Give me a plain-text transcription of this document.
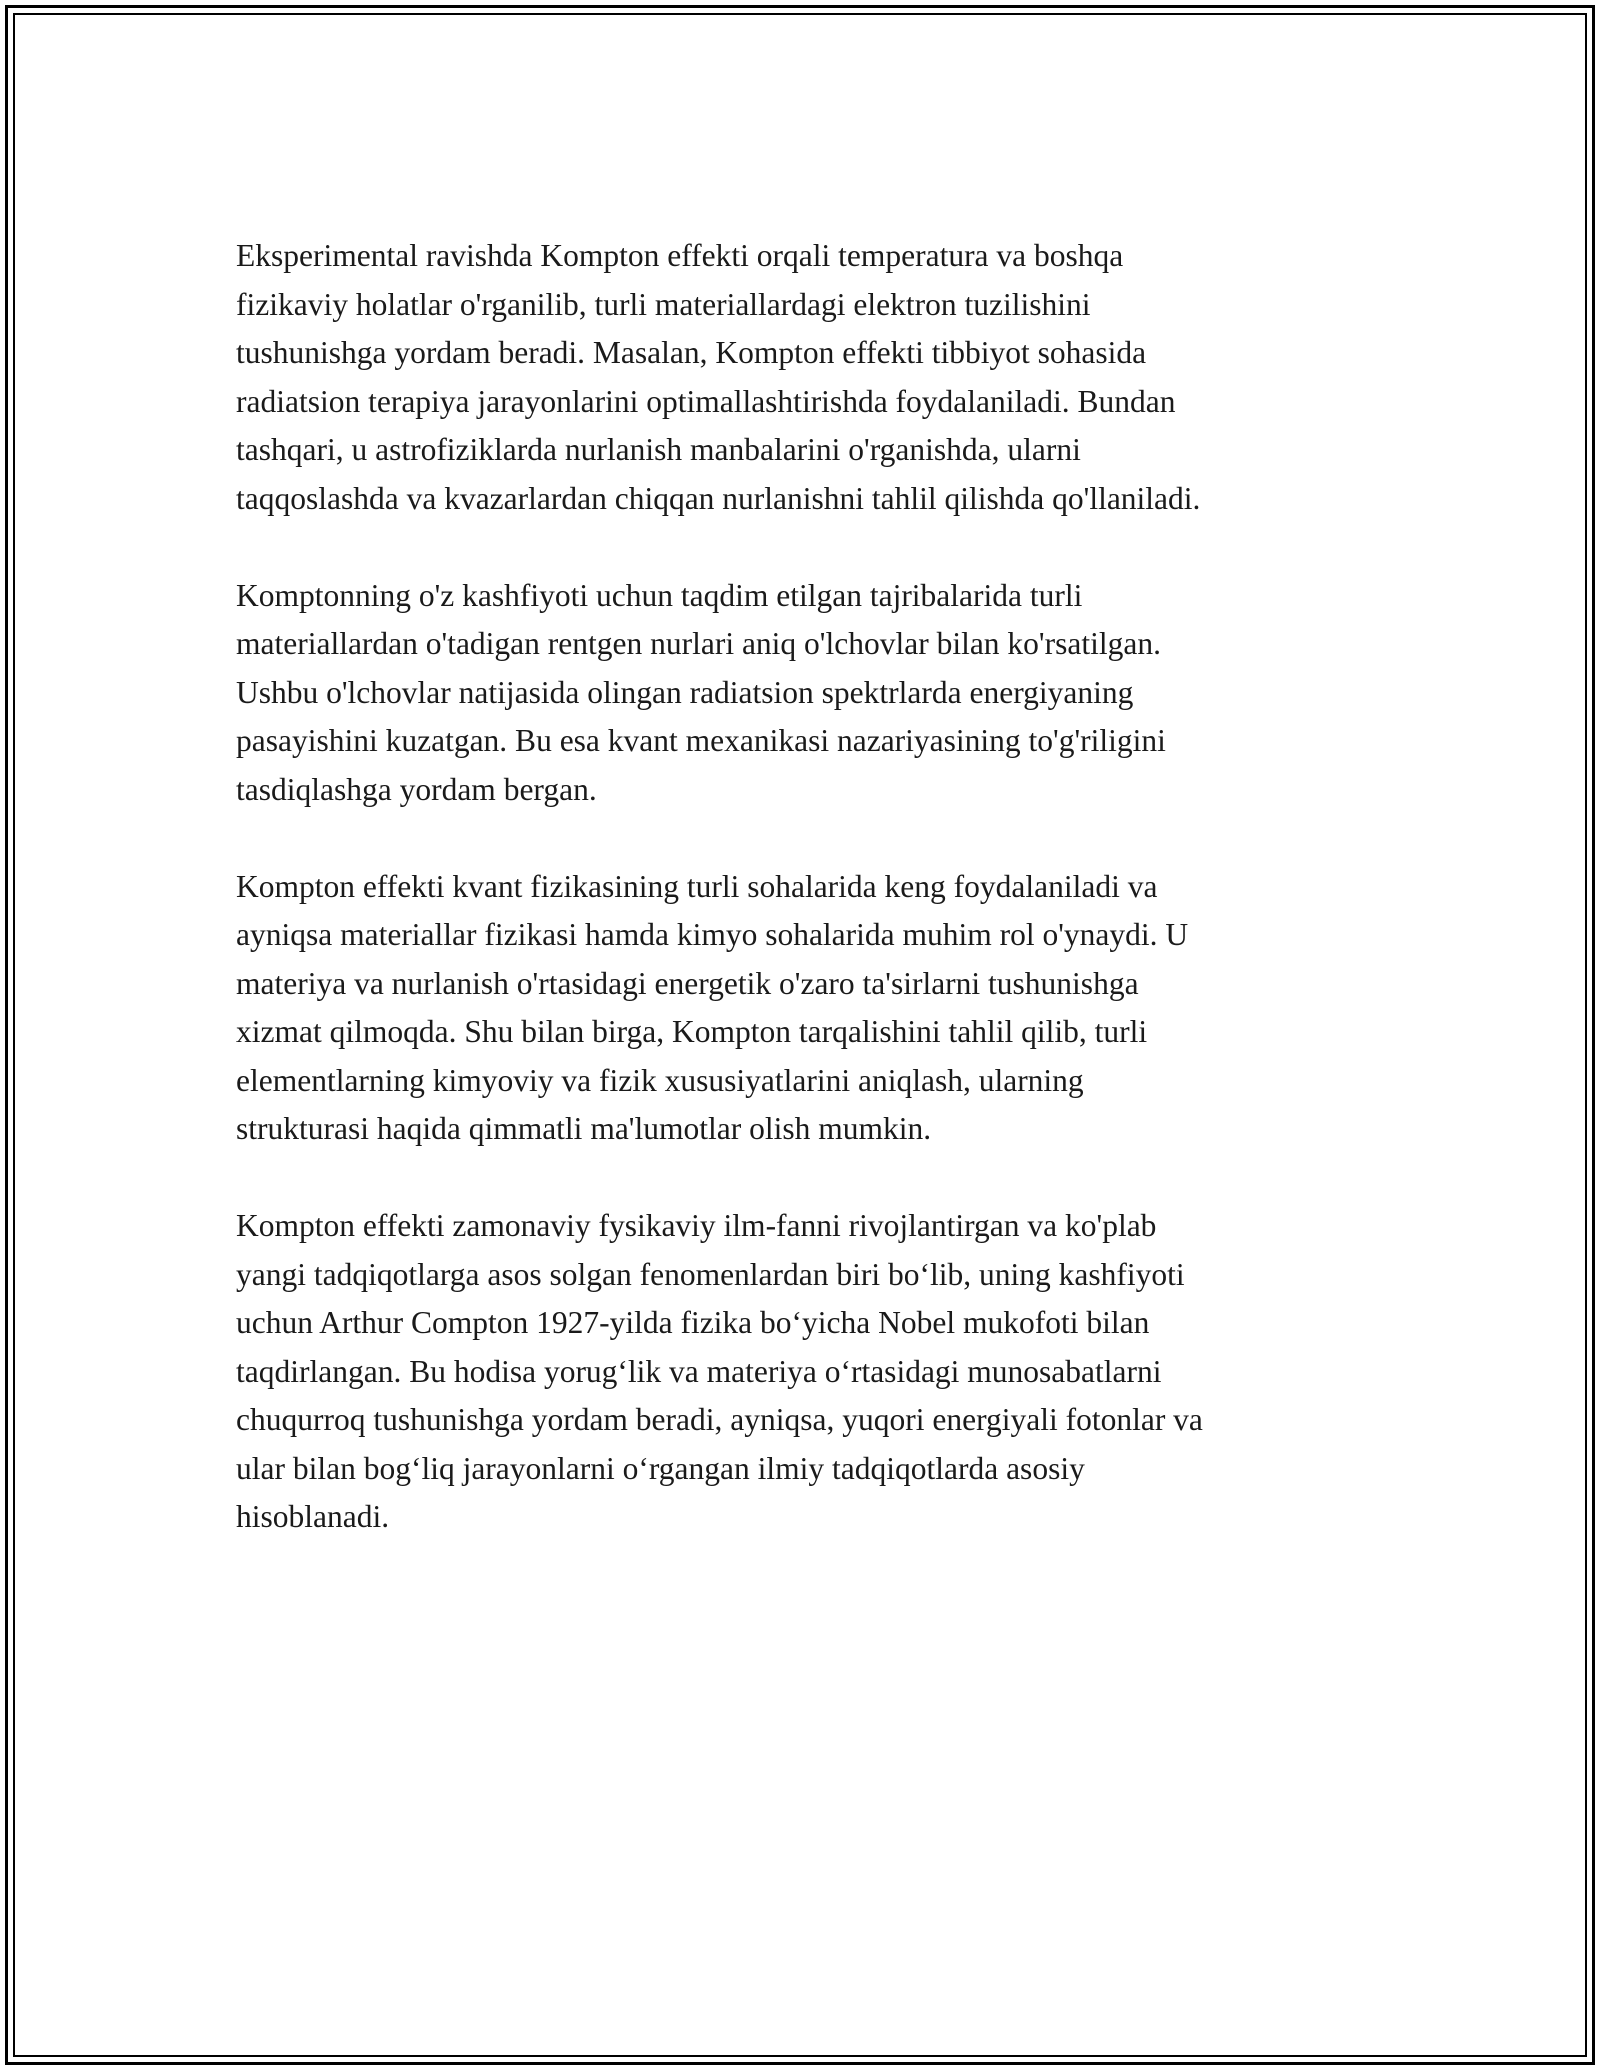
Eksperimental ravishda Kompton effekti orqali temperatura va boshqa
fizikaviy holatlar o'rganilib, turli materiallardagi elektron tuzilishini
tushunishga yordam beradi. Masalan, Kompton effekti tibbiyot sohasida
radiatsion terapiya jarayonlarini optimallashtirishda foydalaniladi. Bundan
tashqari, u astrofiziklarda nurlanish manbalarini o'rganishda, ularni
taqqoslashda va kvazarlardan chiqqan nurlanishni tahlil qilishda qo'llaniladi.

Komptonning o'z kashfiyoti uchun taqdim etilgan tajribalarida turli
materiallardan o'tadigan rentgen nurlari aniq o'lchovlar bilan ko'rsatilgan.
Ushbu o'lchovlar natijasida olingan radiatsion spektrlarda energiyaning
pasayishini kuzatgan. Bu esa kvant mexanikasi nazariyasining to'g'riligini
tasdiqlashga yordam bergan.

Kompton effekti kvant fizikasining turli sohalarida keng foydalaniladi va
ayniqsa materiallar fizikasi hamda kimyo sohalarida muhim rol o'ynaydi. U
materiya va nurlanish o'rtasidagi energetik o'zaro ta'sirlarni tushunishga
xizmat qilmoqda. Shu bilan birga, Kompton tarqalishini tahlil qilib, turli
elementlarning kimyoviy va fizik xususiyatlarini aniqlash, ularning
strukturasi haqida qimmatli ma'lumotlar olish mumkin.

Kompton effekti zamonaviy fysikaviy ilm-fanni rivojlantirgan va ko'plab
yangi tadqiqotlarga asos solgan fenomenlardan biri boʻlib, uning kashfiyoti
uchun Arthur Compton 1927-yilda fizika boʻyicha Nobel mukofoti bilan
taqdirlangan. Bu hodisa yorugʻlik va materiya oʻrtasidagi munosabatlarni
chuqurroq tushunishga yordam beradi, ayniqsa, yuqori energiyali fotonlar va
ular bilan bogʻliq jarayonlarni oʻrgangan ilmiy tadqiqotlarda asosiy
hisoblanadi.
